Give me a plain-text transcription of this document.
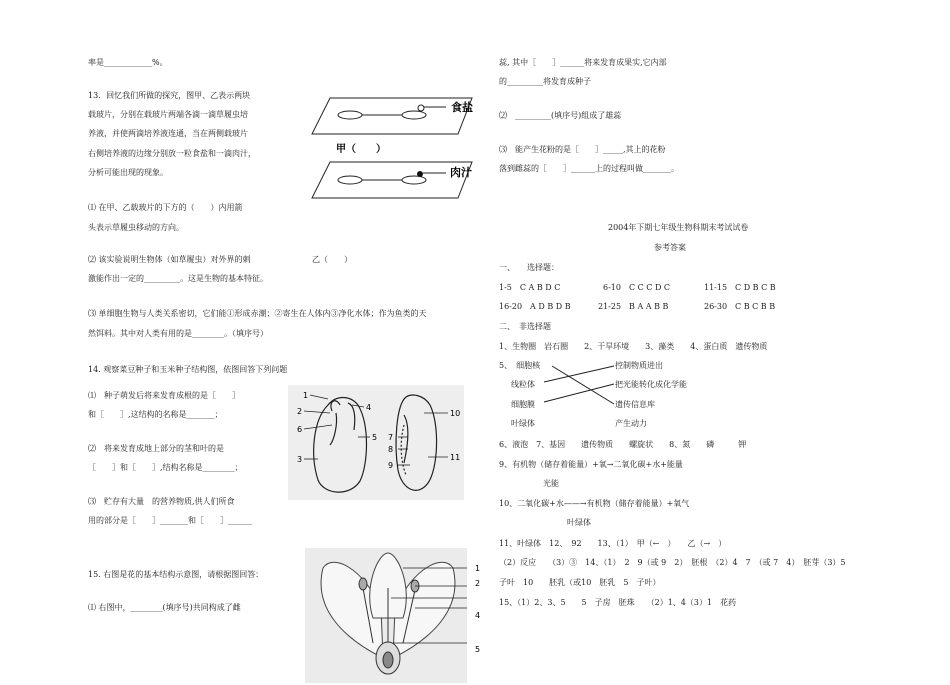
率是____________%。
13．回忆我们所做的探究，图甲、乙表示两块
载玻片，分别在载玻片两端各滴一滴草履虫培
养液，并使两滴培养液连通，当在两侧载玻片
右侧培养液的边缘分别放一粒食盐和一滴肉汁，
分析可能出现的现象。
食盐
甲（　　）
肉汁
⑴ 在甲、乙载玻片的下方的（　　）内用箭
头表示草履虫移动的方向。
⑵ 该实验说明生物体（如草履虫）对外界的刺	乙（　　）
激能作出一定的_________。这是生物的基本特征。
⑶ 单细胞生物与人类关系密切，它们能①形成赤潮；②寄生在人体内③净化水体；作为鱼类的天
然饵料。其中对人类有用的是________。（填序号）
14. 观察菜豆种子和玉米种子结构图，依图回答下列问题
⑴　种子萌发后将来发育成根的是［　　］
和［　　］,这结构的名称是_______；
⑵　将来发育成地上部分的茎和叶的是
［　　］和［　　］,结构名称是________；
⑶　贮存有大量　的营养物质,供人们所食
用的部分是［　　］_______和［　　］______
1
2
6
3
4
5
10
7
8
9
11
15. 右图是花的基本结构示意图，请根据图回答：
⑴ 右图中，________(填序号)共同构成了雌
1
2
4
5
蕊, 其中［　　］______将来发育成果实,它内部
的_________将发育成种子
⑵　_________(填序号)组成了雄蕊
⑶　能产生花粉的是［　　］_____,其上的花粉
落到雌蕊的［　　］______上的过程叫做_______。
2004年下期七年级生物科期末考试试卷
参考答案
一、　　选择题：
1-5　C A B D C	6-10　C C C D C	11-15　C D B C B
16-20　A D B D B	21-25　B A A B B	26-30　C B C B B
二、　非选择题
1、生物圈　岩石圈　　2、干旱环境　　3、藻类　　4、蛋白质　遗传物质
5、　细胞核
线粒体
细胞膜
叶绿体
控制物质进出
把光能转化成化学能
遗传信息库
产生动力
6、液泡　7、基因　　遗传物质　　螺旋状　　8、氮　　磷　　　钾
9、有机物（储存着能量）+氧→二氧化碳+水+能量
光能
10、二氧化碳+水——→有机物（储存着能量）+氧气
叶绿体
11、叶绿体　12、　92　　13、（1）　甲（←　）　　乙（→　）
（2）反应　　（3）③　14、（1）　2　9（或 9　2）　胚根　（2）4　7　（或 7　4）　胚芽（3）5
子叶　10　　胚乳（或10　胚乳　5　子叶）
15、（1）2、3、5　　5　子房　胚珠　　（2）1、4（3）1　花药
